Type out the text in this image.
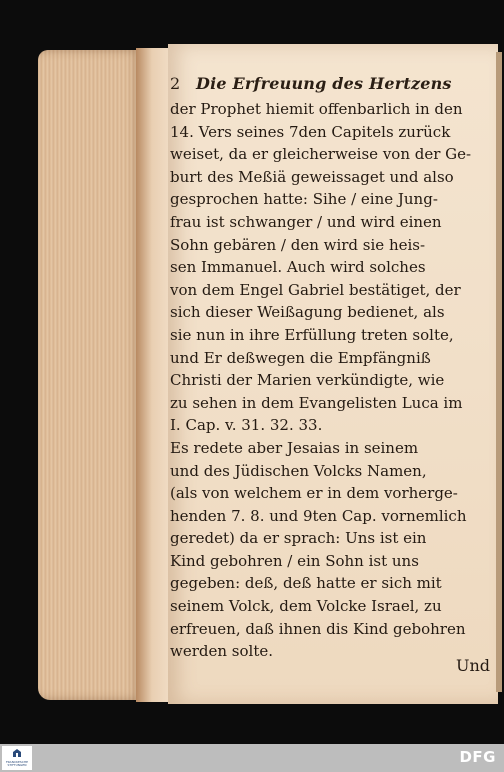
2 Die Erfreuung des Hertzens
der Prophet hiemit offenbarlich in den
14. Vers seines 7den Capitels zurück
weiset, da er gleicherweise von der Ge-
burt des Meßiä geweissaget und also
gesprochen hatte: Sihe / eine Jung-
frau ist schwanger / und wird einen
Sohn gebären / den wird sie heis-
sen Immanuel. Auch wird solches
von dem Engel Gabriel bestätiget, der
sich dieser Weißagung bedienet, als
sie nun in ihre Erfüllung treten solte,
und Er deßwegen die Empfängniß
Christi der Marien verkündigte, wie
zu sehen in dem Evangelisten Luca im
I. Cap. v. 31. 32. 33.
Es redete aber Jesaias in seinem
und des Jüdischen Volcks Namen,
(als von welchem er in dem vorherge-
henden 7. 8. und 9ten Cap. vornemlich
geredet) da er sprach: Uns ist ein
Kind gebohren / ein Sohn ist uns
gegeben: deß, deß hatte er sich mit
seinem Volck, dem Volcke Israel, zu
erfreuen, daß ihnen dis Kind gebohren
werden solte.
Und
FRANCKESCHE STIFTUNGEN	DFG
